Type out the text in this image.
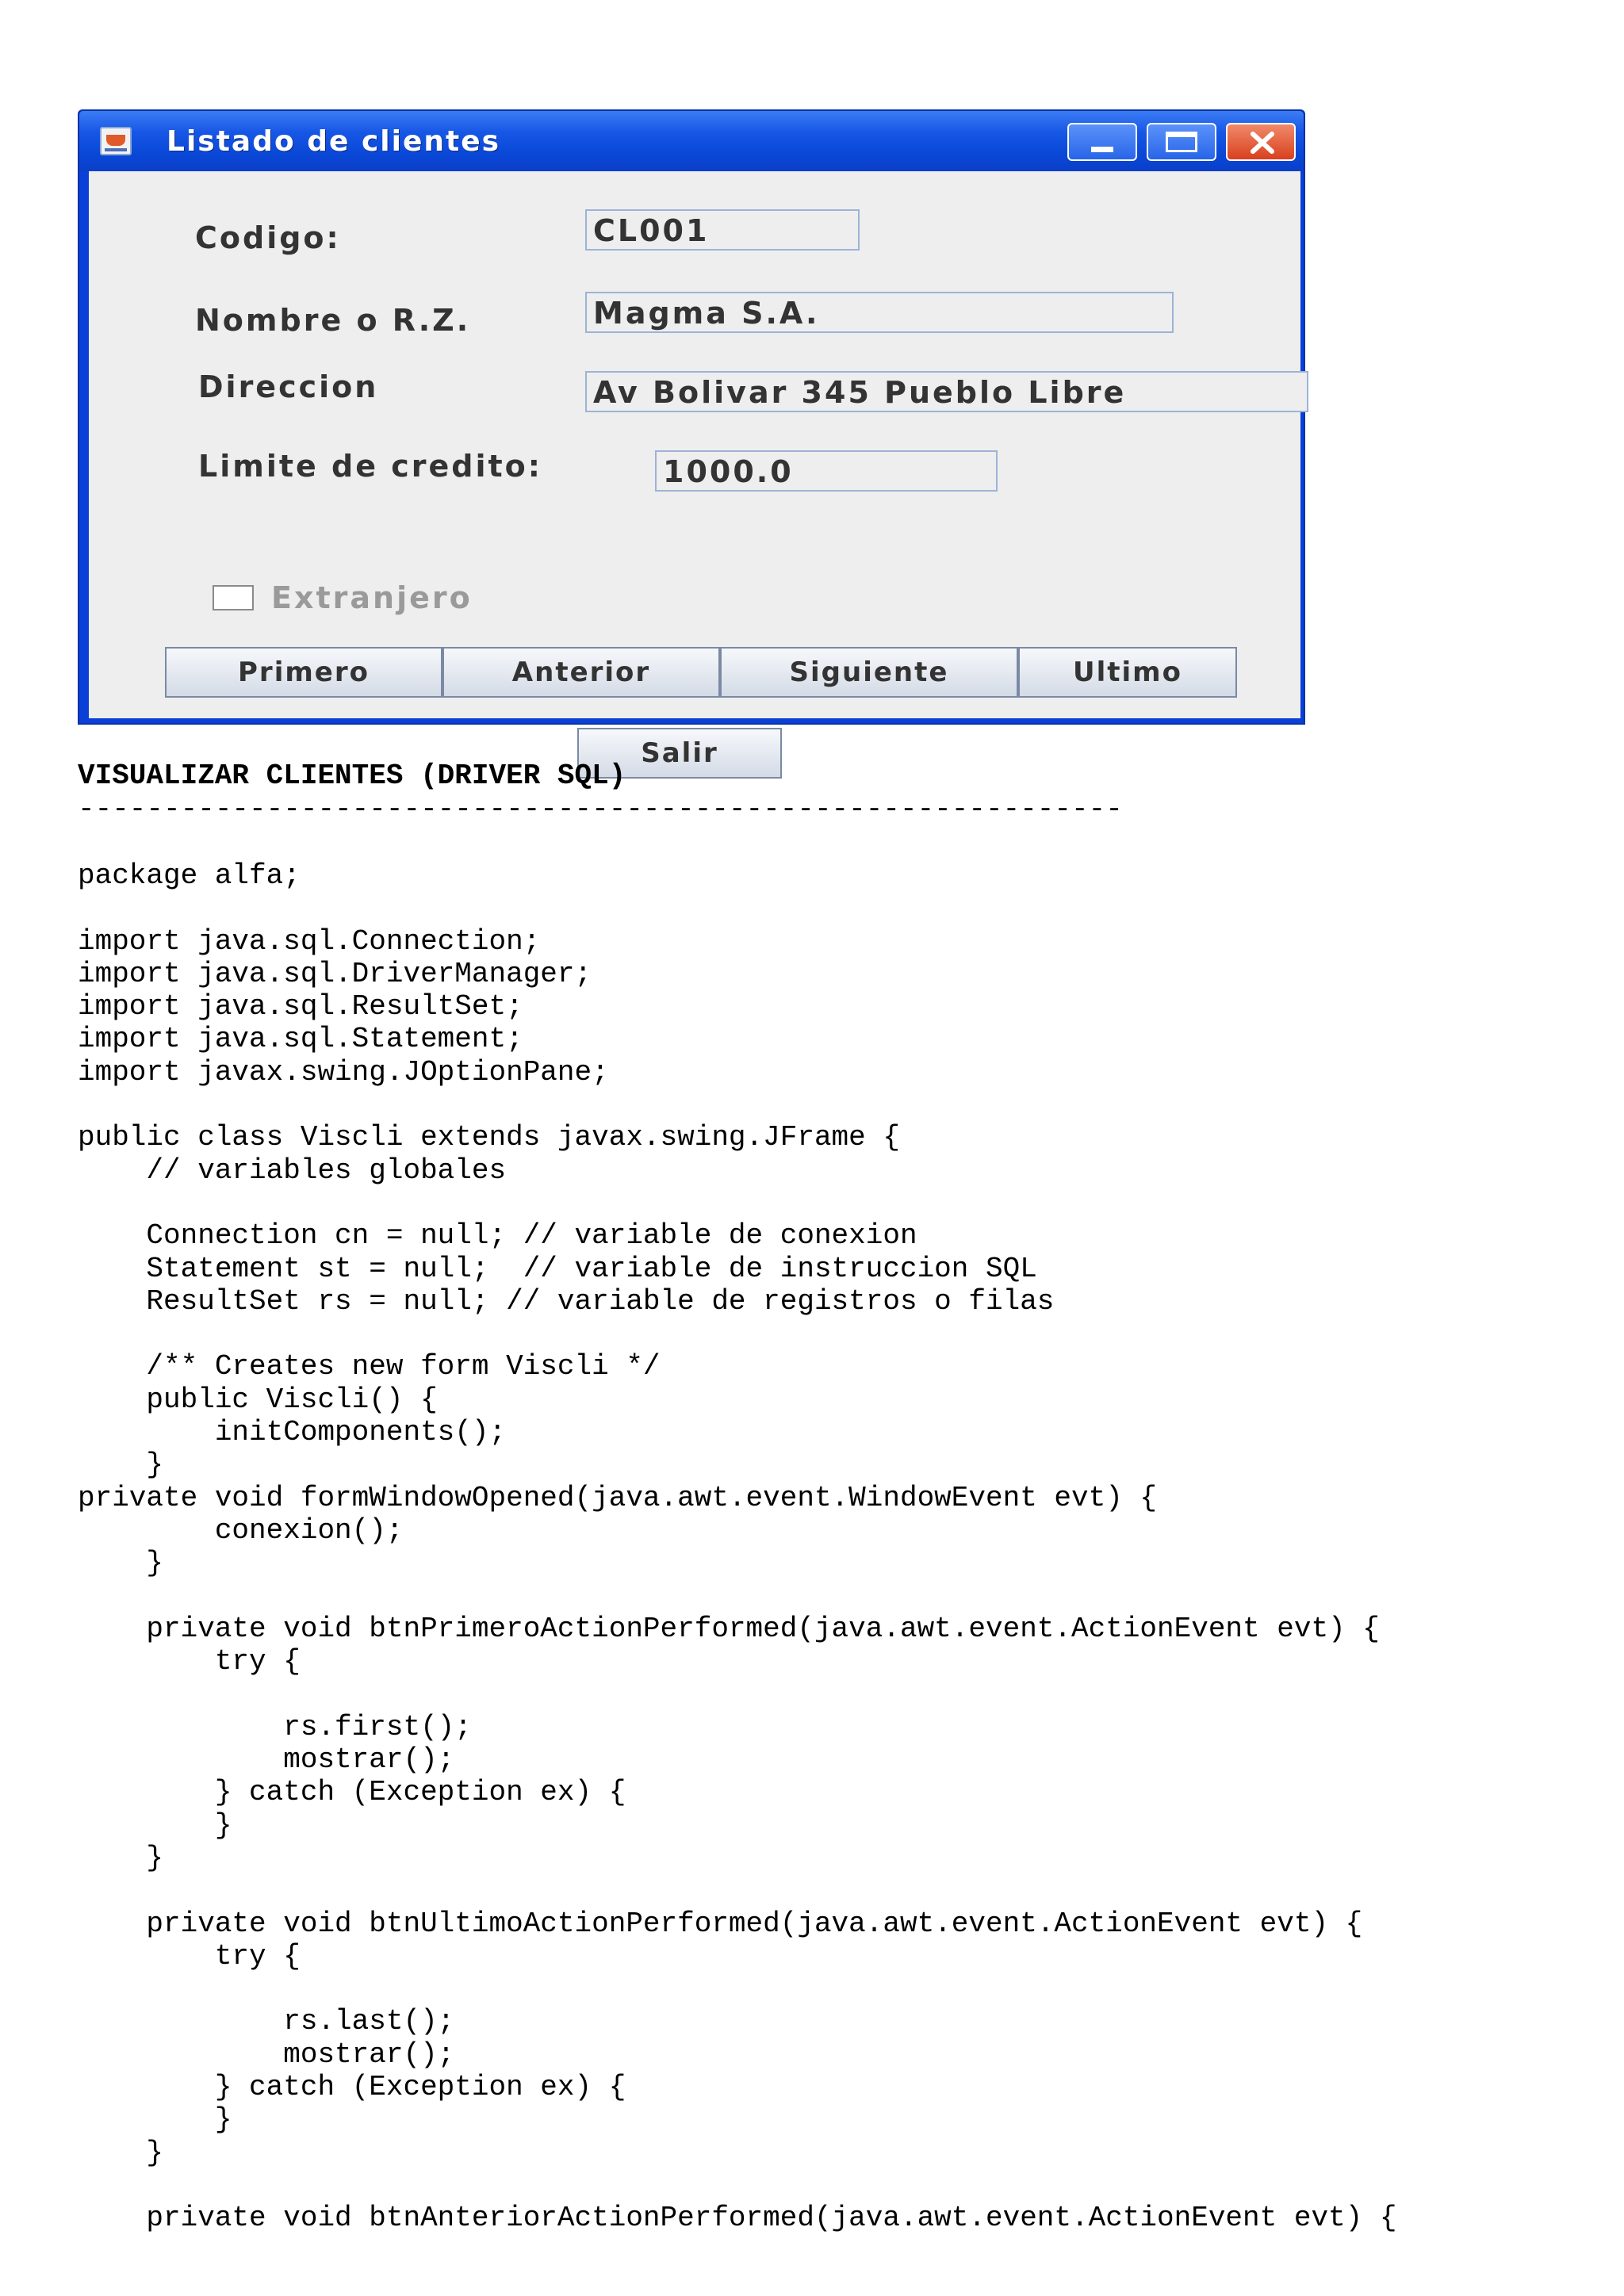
Listado de clientes
Codigo:	CL001
Nombre o R.Z.	Magma S.A.
Direccion	Av Bolivar 345 Pueblo Libre
Limite de credito:	1000.0
Extranjero
Primero	Anterior	Siguiente	Ultimo
Salir
VISUALIZAR CLIENTES (DRIVER SQL)
-------------------------------------------------------------
package alfa;
import java.sql.Connection;
import java.sql.DriverManager;
import java.sql.ResultSet;
import java.sql.Statement;
import javax.swing.JOptionPane;
public class Viscli extends javax.swing.JFrame {
// variables globales
Connection cn = null; // variable de conexion
Statement st = null;  // variable de instruccion SQL
ResultSet rs = null; // variable de registros o filas
/** Creates new form Viscli */
public Viscli() {
initComponents();
}
private void formWindowOpened(java.awt.event.WindowEvent evt) {
conexion();
}
private void btnPrimeroActionPerformed(java.awt.event.ActionEvent evt) {
try {
rs.first();
mostrar();
} catch (Exception ex) {
}
}
private void btnUltimoActionPerformed(java.awt.event.ActionEvent evt) {
try {
rs.last();
mostrar();
} catch (Exception ex) {
}
}
private void btnAnteriorActionPerformed(java.awt.event.ActionEvent evt) {
